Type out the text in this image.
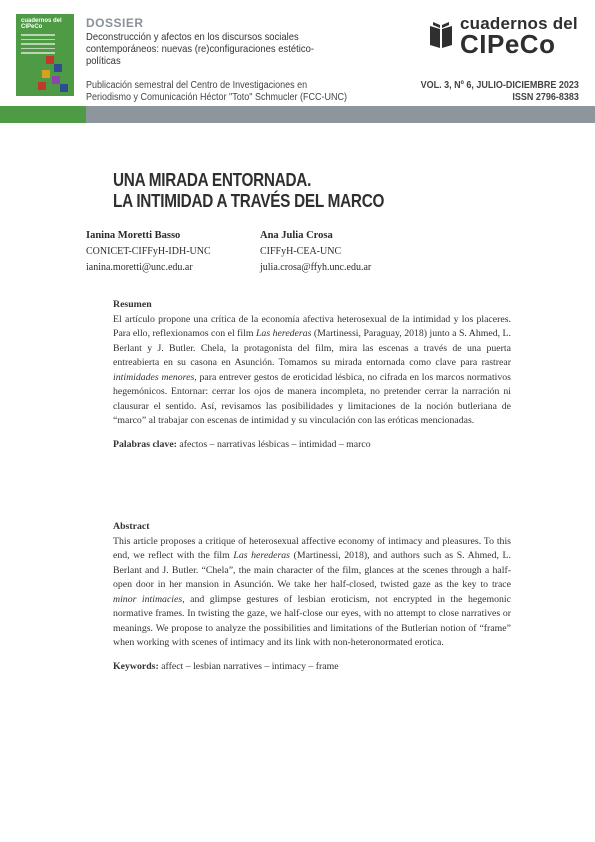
cuadernos del CIPeCo	DOSSIER
Deconstrucción y afectos en los discursos sociales contemporáneos: nuevas (re)configuraciones estético-políticas
cuadernos del
CIPeCo
Publicación semestral del Centro de Investigaciones en
Periodismo y Comunicación Héctor "Toto" Schmucler (FCC-UNC)
VOL. 3, Nº 6, JULIO-DICIEMBRE 2023
ISSN 2796-8383
UNA MIRADA ENTORNADA.
LA INTIMIDAD A TRAVÉS DEL MARCO
Ianina Moretti Basso
CONICET-CIFFyH-IDH-UNC
ianina.moretti@unc.edu.ar
Ana Julia Crosa
CIFFyH-CEA-UNC
julia.crosa@ffyh.unc.edu.ar
Resumen

El artículo propone una crítica de la economía afectiva heterosexual de la intimidad y los placeres. Para ello, reflexionamos con el film Las herederas (Martinessi, Paraguay, 2018) junto a S. Ahmed, L. Berlant y J. Butler. Chela, la protagonista del film, mira las escenas a través de una puerta entreabierta en su casona en Asunción. Tomamos su mirada entornada como clave para rastrear intimidades menores, para entrever gestos de eroticidad lésbica, no cifrada en los marcos normativos hegemónicos. Entornar: cerrar los ojos de manera incompleta, no pretender cerrar la narración ni clausurar el sentido. Así, revisamos las posibilidades y limitaciones de la noción butleriana de “marco” al trabajar con escenas de intimidad y su vinculación con las eróticas mencionadas.

Palabras clave: afectos – narrativas lésbicas – intimidad – marco
Abstract

This article proposes a critique of heterosexual affective economy of intimacy and pleasures. To this end, we reflect with the film Las herederas (Martinessi, 2018), and authors such as S. Ahmed, L. Berlant and J. Butler. “Chela”, the main character of the film, glances at the scenes through a half-open door in her mansion in Asunción. We take her half-closed, twisted gaze as the key to trace minor intimacies, and glimpse gestures of lesbian eroticism, not encrypted in the hegemonic normative frames. In twisting the gaze, we half-close our eyes, with no attempt to close narratives or meanings. We propose to analyze the possibilities and limitations of the Butlerian notion of “frame” when working with scenes of intimacy and its link with non-heteronormated erotica.

Keywords: affect – lesbian narratives – intimacy – frame
